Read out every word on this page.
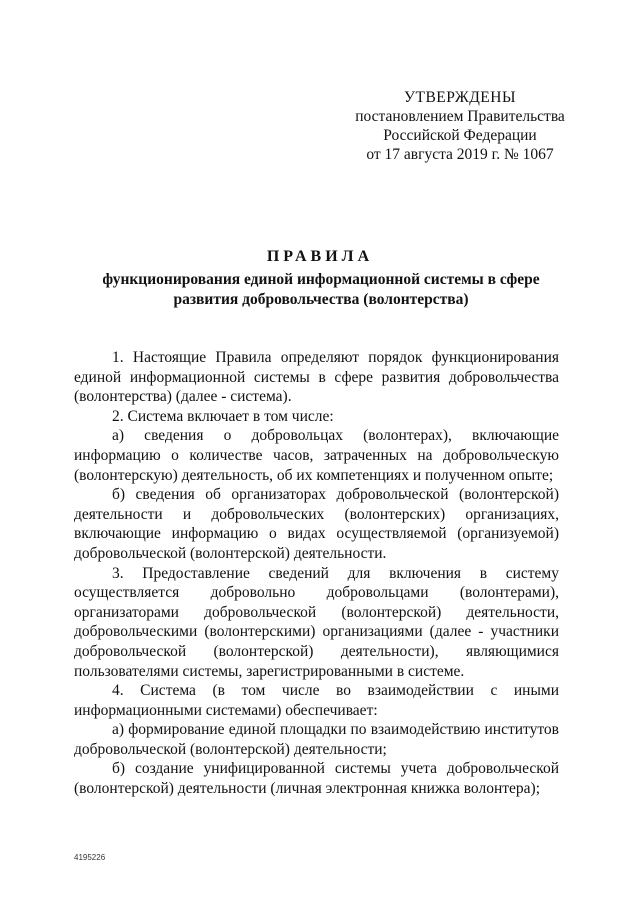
УТВЕРЖДЕНЫ
постановлением Правительства
Российской Федерации
от 17 августа 2019 г. № 1067
ПРАВИЛА
функционирования единой информационной системы в сфере
развития добровольчества (волонтерства)

1. Настоящие Правила определяют порядок функционирования единой информационной системы в сфере развития добровольчества (волонтерства) (далее - система).

2. Система включает в том числе:

а) сведения о добровольцах (волонтерах), включающие информацию о количестве часов, затраченных на добровольческую (волонтерскую) деятельность, об их компетенциях и полученном опыте;

б) сведения об организаторах добровольческой (волонтерской) деятельности и добровольческих (волонтерских) организациях, включающие информацию о видах осуществляемой (организуемой) добровольческой (волонтерской) деятельности.

3. Предоставление сведений для включения в систему осуществляется добровольно добровольцами (волонтерами), организаторами добровольческой (волонтерской) деятельности, добровольческими (волонтерскими) организациями (далее - участники добровольческой (волонтерской) деятельности), являющимися пользователями системы, зарегистрированными в системе.

4. Система (в том числе во взаимодействии с иными информационными системами) обеспечивает:

а) формирование единой площадки по взаимодействию институтов добровольческой (волонтерской) деятельности;

б) создание унифицированной системы учета добровольческой (волонтерской) деятельности (личная электронная книжка волонтера);

4195226
